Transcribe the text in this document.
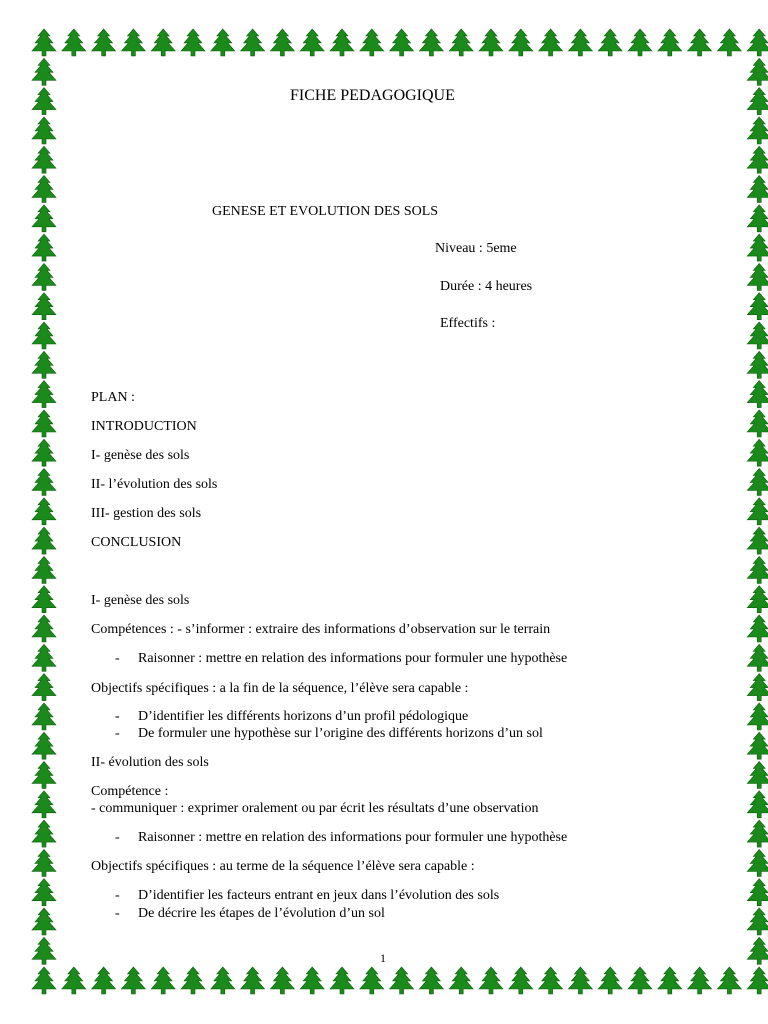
FICHE PEDAGOGIQUE
GENESE ET EVOLUTION DES SOLS
Niveau : 5eme
Durée : 4 heures
Effectifs :
PLAN :
INTRODUCTION
I- genèse des sols
II- l’évolution des sols
III- gestion des sols
CONCLUSION
I- genèse des sols
Compétences : - s’informer : extraire des informations d’observation sur le terrain
- Raisonner : mettre en relation des informations pour formuler une hypothèse
Objectifs spécifiques : a la fin de la séquence, l’élève sera capable :
- D’identifier les différents horizons d’un profil pédologique
- De formuler une hypothèse sur l’origine des différents horizons d’un sol
II- évolution des sols
Compétence :
- communiquer : exprimer oralement ou par écrit les résultats d’une observation
- Raisonner : mettre en relation des informations pour formuler une hypothèse
Objectifs spécifiques : au terme de la séquence l’élève sera capable :
- D’identifier les facteurs entrant en jeux dans l’évolution des sols
- De décrire les étapes de l’évolution d’un sol
1
